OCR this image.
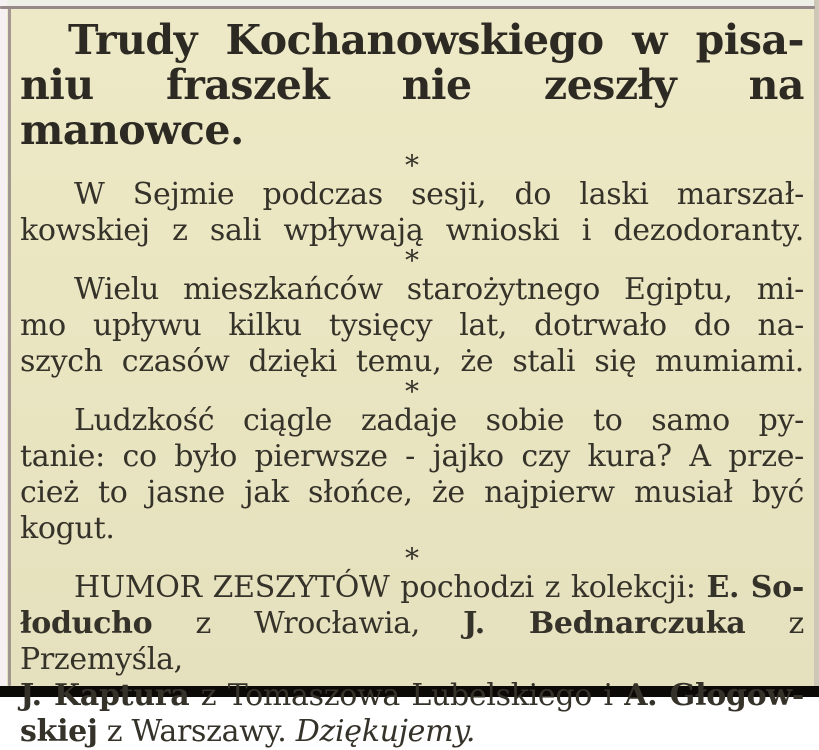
Trudy Kochanowskiego w pisa-
niu fraszek nie zeszły na manowce.
*
W Sejmie podczas sesji, do laski marszał-
kowskiej z sali wpływają wnioski i dezodoranty.
*
Wielu mieszkańców starożytnego Egiptu, mi-
mo upływu kilku tysięcy lat, dotrwało do na-
szych czasów dzięki temu, że stali się mumiami.
*
Ludzkość ciągle zadaje sobie to samo py-
tanie: co było pierwsze - jajko czy kura? A prze-
cież to jasne jak słońce, że najpierw musiał być
kogut.
*
HUMOR ZESZYTÓW pochodzi z kolekcji: E. So-
łoducho z Wrocławia, J. Bednarczuka z Przemyśla,
J. Kaptura z Tomaszowa Lubelskiego i A. Głogow-
skiej z Warszawy. Dziękujemy.
